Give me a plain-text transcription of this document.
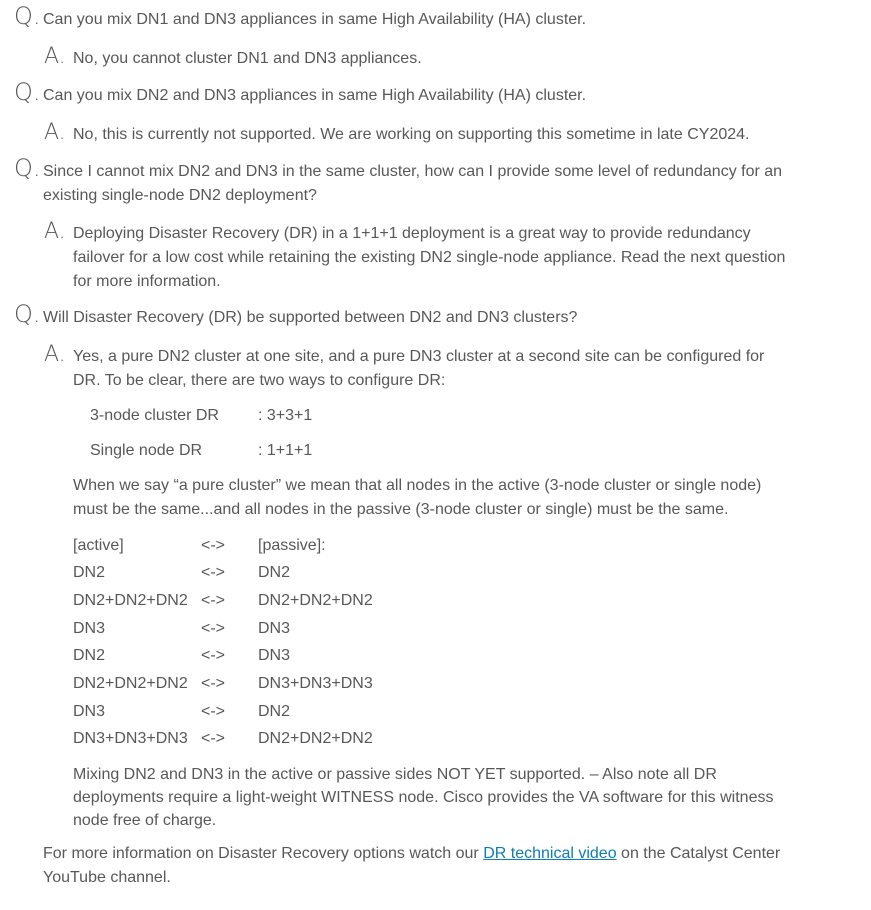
Q. Can you mix DN1 and DN3 appliances in same High Availability (HA) cluster.
A. No, you cannot cluster DN1 and DN3 appliances.
Q. Can you mix DN2 and DN3 appliances in same High Availability (HA) cluster.
A. No, this is currently not supported. We are working on supporting this sometime in late CY2024.
Q. Since I cannot mix DN2 and DN3 in the same cluster, how can I provide some level of redundancy for an
existing single-node DN2 deployment?
A. Deploying Disaster Recovery (DR) in a 1+1+1 deployment is a great way to provide redundancy
failover for a low cost while retaining the existing DN2 single-node appliance. Read the next question
for more information.
Q. Will Disaster Recovery (DR) be supported between DN2 and DN3 clusters?
A. Yes, a pure DN2 cluster at one site, and a pure DN3 cluster at a second site can be configured for
DR. To be clear, there are two ways to configure DR:
3-node cluster DR : 3+3+1
Single node DR	: 1+1+1
When we say “a pure cluster” we mean that all nodes in the active (3-node cluster or single node)
must be the same...and all nodes in the passive (3-node cluster or single) must be the same.
[active]	<-> [passive]:
DN2	<-> DN2
DN2+DN2+DN2 <-> DN2+DN2+DN2
DN3	<-> DN3
DN2	<-> DN3
DN2+DN2+DN2 <-> DN3+DN3+DN3
DN3	<-> DN2
DN3+DN3+DN3 <-> DN2+DN2+DN2
Mixing DN2 and DN3 in the active or passive sides NOT YET supported. – Also note all DR
deployments require a light-weight WITNESS node. Cisco provides the VA software for this witness
node free of charge.
For more information on Disaster Recovery options watch our DR technical video on the Catalyst Center
YouTube channel.
